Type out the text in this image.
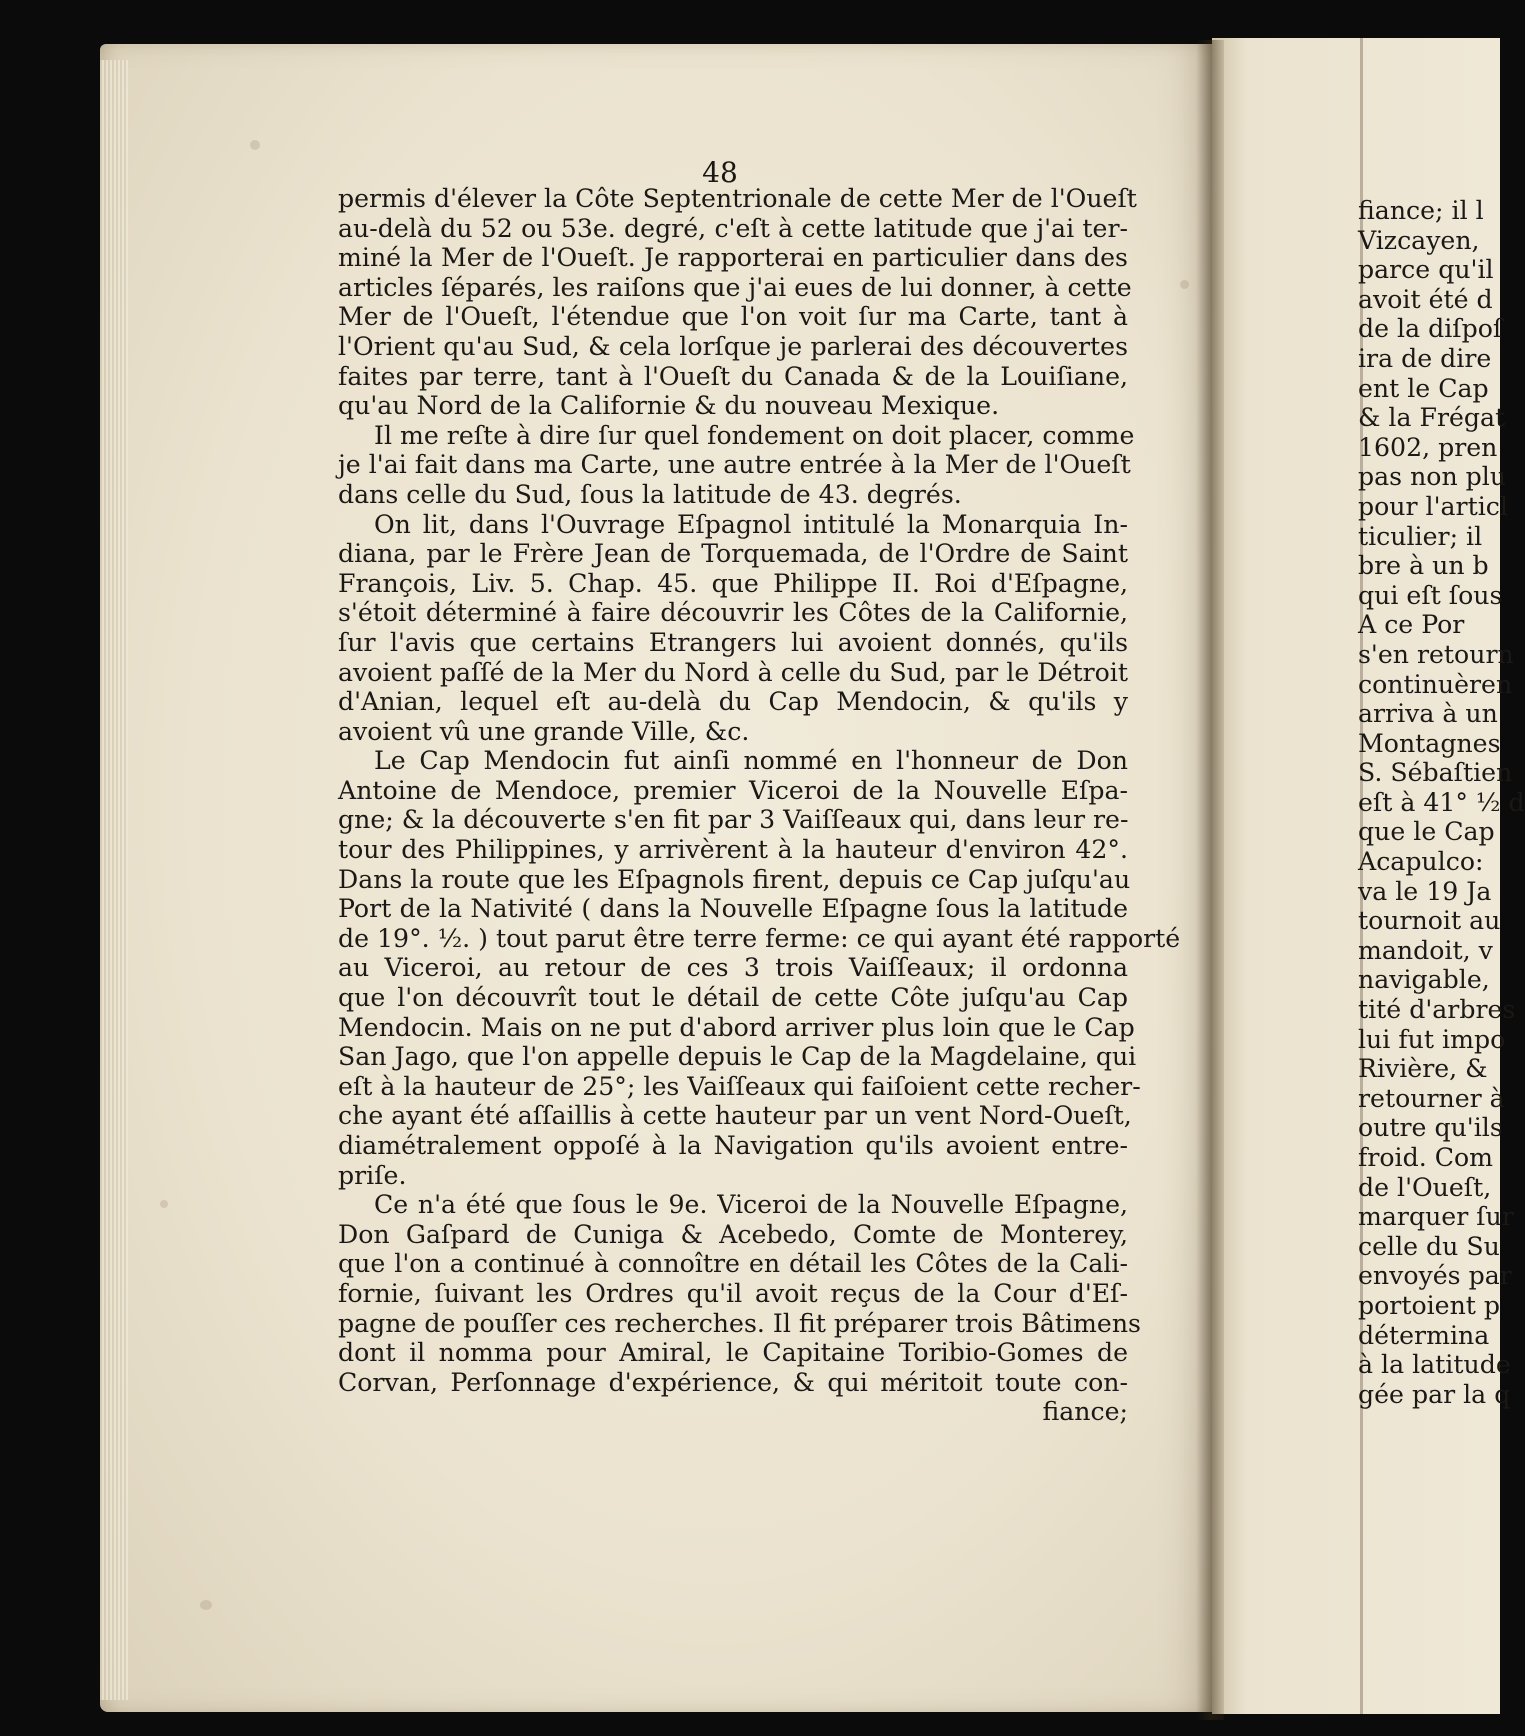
48
permis d'élever la Côte Septentrionale de cette Mer de l'Oueſt
au-delà du 52 ou 53e. degré, c'eſt à cette latitude que j'ai ter-
miné la Mer de l'Oueſt. Je rapporterai en particulier dans des
articles ſéparés, les raiſons que j'ai eues de lui donner, à cette
Mer de l'Oueſt, l'étendue que l'on voit ſur ma Carte, tant à
l'Orient qu'au Sud, & cela lorſque je parlerai des découvertes
faites par terre, tant à l'Oueſt du Canada & de la Louiſiane,
qu'au Nord de la Californie & du nouveau Mexique.
Il me reſte à dire ſur quel fondement on doit placer, comme
je l'ai fait dans ma Carte, une autre entrée à la Mer de l'Oueſt
dans celle du Sud, ſous la latitude de 43. degrés.
On lit, dans l'Ouvrage Eſpagnol intitulé la Monarquia In-
diana, par le Frère Jean de Torquemada, de l'Ordre de Saint
François, Liv. 5. Chap. 45. que Philippe II. Roi d'Eſpagne,
s'étoit déterminé à faire découvrir les Côtes de la Californie,
ſur l'avis que certains Etrangers lui avoient donnés, qu'ils
avoient paſſé de la Mer du Nord à celle du Sud, par le Détroit
d'Anian, lequel eſt au-delà du Cap Mendocin, & qu'ils y
avoient vû une grande Ville, &c.
Le Cap Mendocin fut ainſi nommé en l'honneur de Don
Antoine de Mendoce, premier Viceroi de la Nouvelle Eſpa-
gne; & la découverte s'en fit par 3 Vaiſſeaux qui, dans leur re-
tour des Philippines, y arrivèrent à la hauteur d'environ 42°.
Dans la route que les Eſpagnols firent, depuis ce Cap juſqu'au
Port de la Nativité ( dans la Nouvelle Eſpagne ſous la latitude
de 19°. ½. ) tout parut être terre ferme: ce qui ayant été rapporté
au Viceroi, au retour de ces 3 trois Vaiſſeaux; il ordonna
que l'on découvrît tout le détail de cette Côte juſqu'au Cap
Mendocin. Mais on ne put d'abord arriver plus loin que le Cap
San Jago, que l'on appelle depuis le Cap de la Magdelaine, qui
eſt à la hauteur de 25°; les Vaiſſeaux qui faiſoient cette recher-
che ayant été aſſaillis à cette hauteur par un vent Nord-Oueſt,
diamétralement oppoſé à la Navigation qu'ils avoient entre-
priſe.
Ce n'a été que ſous le 9e. Viceroi de la Nouvelle Eſpagne,
Don Gaſpard de Cuniga & Acebedo, Comte de Monterey,
que l'on a continué à connoître en détail les Côtes de la Cali-
fornie, ſuivant les Ordres qu'il avoit reçus de la Cour d'Eſ-
pagne de pouſſer ces recherches. Il fit préparer trois Bâtimens
dont il nomma pour Amiral, le Capitaine Toribio-Gomes de
Corvan, Perſonnage d'expérience, & qui méritoit toute con-
fiance;
fiance; il l
Vizcayen,
parce qu'il
avoit été d
de la diſpoſ
ira de dire
ent le Cap
& la Frégat
1602, pren
pas non plu
pour l'articl
ticulier; il
bre à un b
qui eſt ſous
A ce Por
s'en retourn
continuèren
arriva à un
Montagnes
S. Sébaſtien
eſt à 41° ½ d
que le Cap
Acapulco:
va le 19 Ja
tournoit au
mandoit, v
navigable,
tité d'arbres
lui fut impo
Rivière, &
retourner à
outre qu'ils
froid. Com
de l'Oueſt,
marquer ſur
celle du Su
envoyés par
portoient p
détermina
à la latitude
gée par la q
